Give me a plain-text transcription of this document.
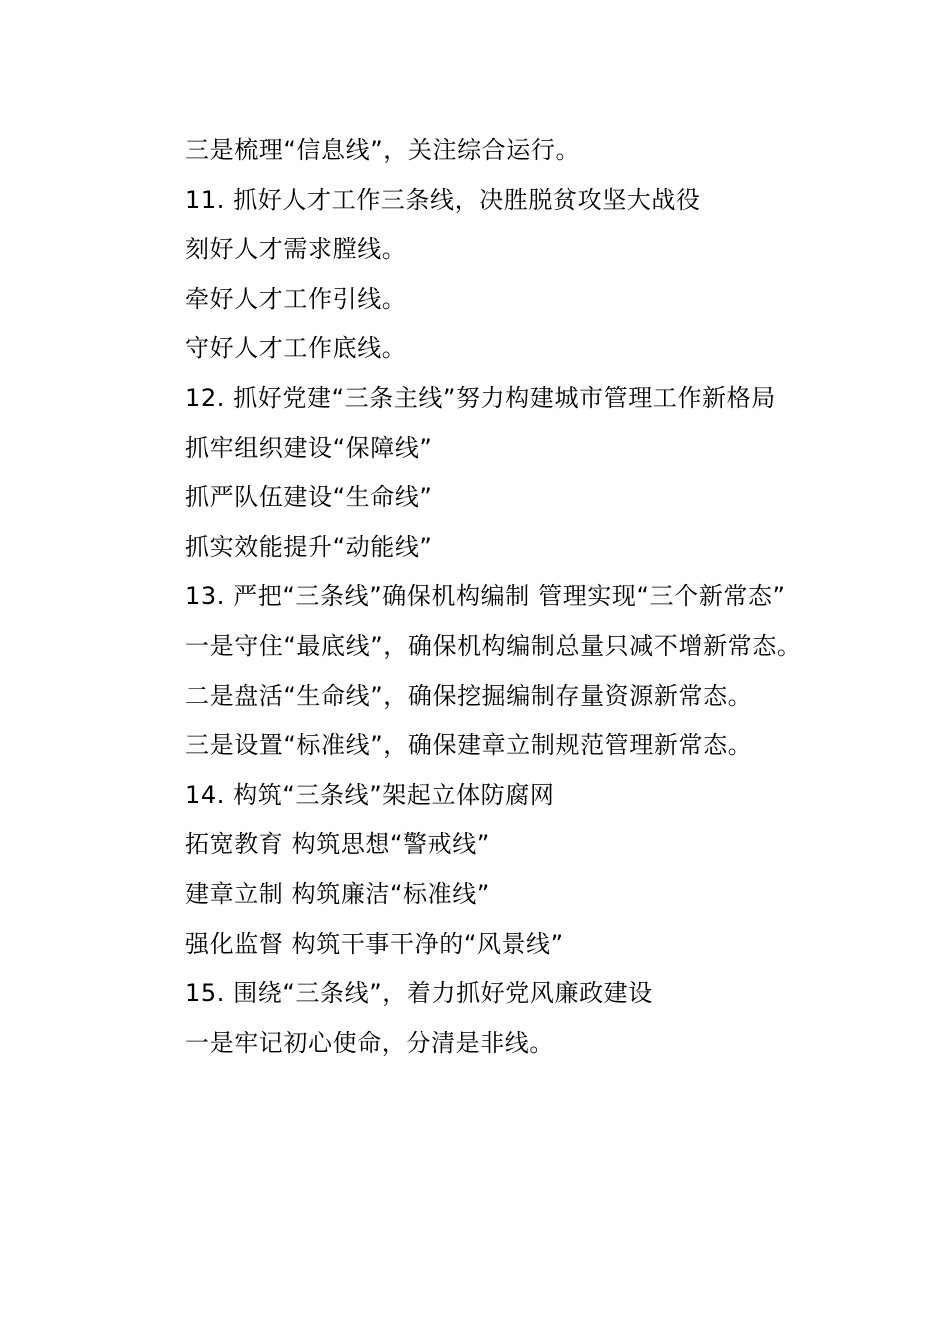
三是梳理“信息线”，关注综合运行。

11. 抓好人才工作三条线，决胜脱贫攻坚大战役

刻好人才需求膛线。

牵好人才工作引线。

守好人才工作底线。

12. 抓好党建“三条主线”努力构建城市管理工作新格局

抓牢组织建设“保障线”

抓严队伍建设“生命线”

抓实效能提升“动能线”

13. 严把“三条线”确保机构编制 管理实现“三个新常态”

一是守住“最底线”，确保机构编制总量只减不增新常态。

二是盘活“生命线”，确保挖掘编制存量资源新常态。

三是设置“标准线”，确保建章立制规范管理新常态。

14. 构筑“三条线”架起立体防腐网

拓宽教育 构筑思想“警戒线”

建章立制 构筑廉洁“标准线”

强化监督 构筑干事干净的“风景线”

15. 围绕“三条线”，着力抓好党风廉政建设

一是牢记初心使命，分清是非线。
